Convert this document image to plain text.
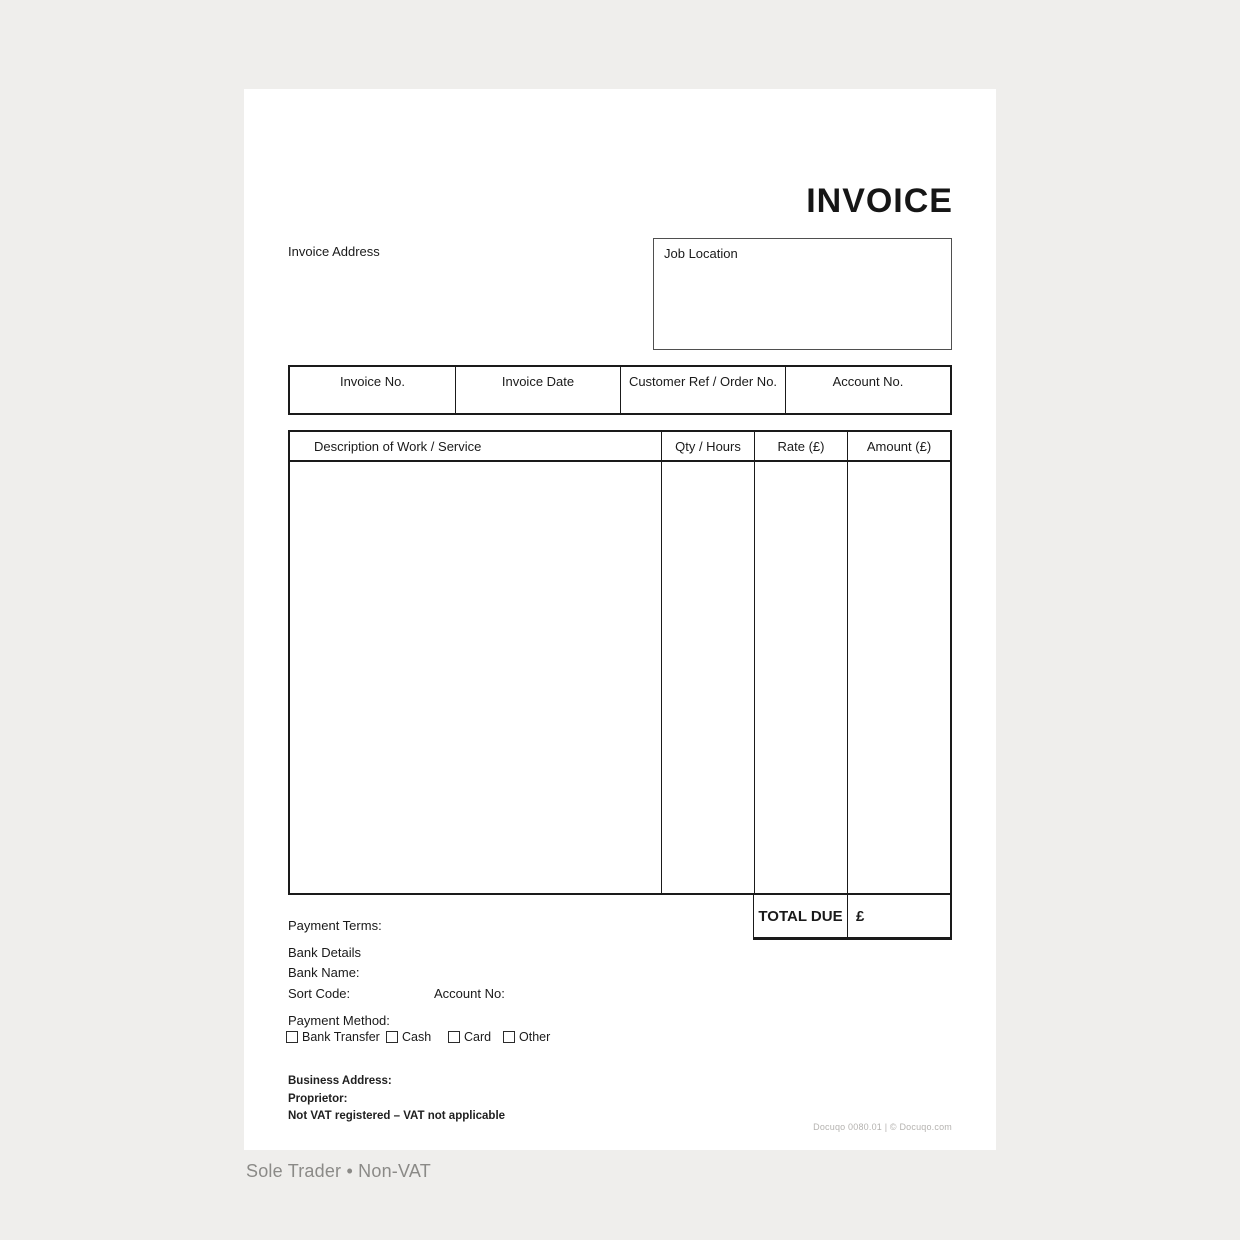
INVOICE
Invoice Address	Job Location
Invoice No.	Invoice Date	Customer Ref / Order No.	Account No.
Description of Work / Service	Qty / Hours	Rate (£)	Amount (£)
TOTAL DUE £
Payment Terms:
Bank Details
Bank Name:
Sort Code:	Account No:
Payment Method:
Bank Transfer Cash	Card Other
Business Address:
Proprietor:
Not VAT registered – VAT not applicable
Docuqo 0080.01 | © Docuqo.com
Sole Trader • Non-VAT
